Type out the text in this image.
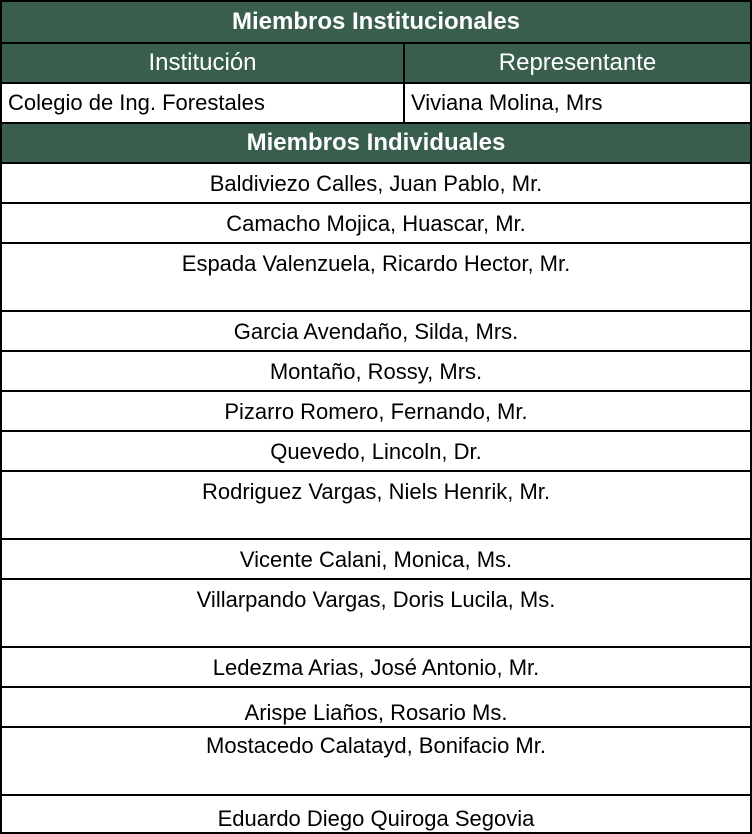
Miembros Institucionales
Institución	Representante
Colegio de Ing. Forestales	Viviana Molina, Mrs
Miembros Individuales
Baldiviezo Calles, Juan Pablo, Mr.
Camacho Mojica, Huascar, Mr.
Espada Valenzuela, Ricardo Hector, Mr.
Garcia Avendaño, Silda, Mrs.
Montaño, Rossy, Mrs.
Pizarro Romero, Fernando, Mr.
Quevedo, Lincoln, Dr.
Rodriguez Vargas, Niels Henrik, Mr.
Vicente Calani, Monica, Ms.
Villarpando Vargas, Doris Lucila, Ms.
Ledezma Arias, José Antonio, Mr.
Arispe Liaños, Rosario Ms.
Mostacedo Calatayd, Bonifacio Mr.
Eduardo Diego Quiroga Segovia
